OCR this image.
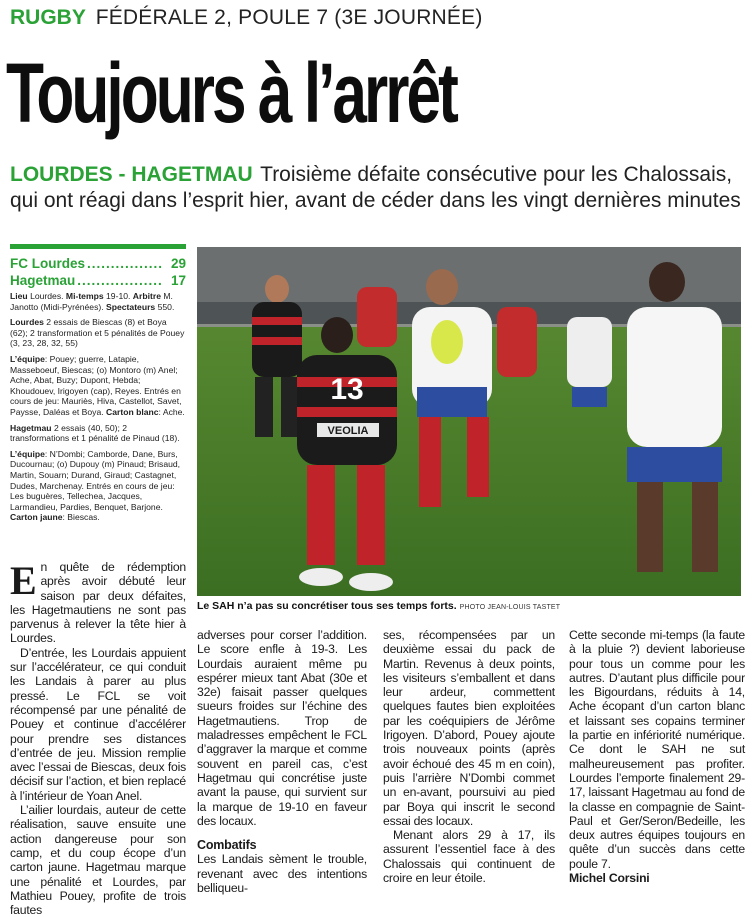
RUGBY FÉDÉRALE 2, POULE 7 (3E JOURNÉE)
Toujours à l’arrêt
LOURDES - HAGETMAU Troisième défaite consécutive pour les Chalossais,
qui ont réagi dans l’esprit hier, avant de céder dans les vingt dernières minutes
FC Lourdes ................ 29
Hagetmau .................. 17

Lieu Lourdes. Mi-temps 19-10. Arbitre M. Janotto (Midi-Pyrénées). Spectateurs 550.

Lourdes 2 essais de Biescas (8) et Boya (62); 2 transformation et 5 pénalités de Pouey (3, 23, 28, 32, 55)

L’équipe: Pouey; guerre, Latapie, Masseboeuf, Biescas; (o) Montoro (m) Anel; Ache, Abat, Buzy; Dupont, Hebda; Khoudouev, Irigoyen (cap), Reyes. Entrés en cours de jeu: Mauriès, Hiva, Castellot, Savet, Paysse, Daléas et Boya. Carton blanc: Ache.

Hagetmau 2 essais (40, 50); 2 transformations et 1 pénalité de Pinaud (18).

L’équipe: N’Dombi; Camborde, Dane, Burs, Ducournau; (o) Dupouy (m) Pinaud; Brisaud, Martin, Souarn; Durand, Giraud; Castagnet, Dudes, Marchenay. Entrés en cours de jeu: Les buguères, Tellechea, Jacques, Larmandieu, Pardies, Benquet, Barjone. Carton jaune: Biescas.

13
VEOLIA
Le SAH n’a pas su concrétiser tous ses temps forts. PHOTO JEAN-LOUIS TASTET

En quête de rédemption après avoir débuté leur saison par deux défaites, les Hagetmautiens ne sont pas parvenus à relever la tête hier à Lourdes.

D’entrée, les Lourdais appuient sur l’accélérateur, ce qui conduit les Landais à parer au plus pressé. Le FCL se voit récompensé par une pénalité de Pouey et continue d’accélérer pour prendre ses distances d’entrée de jeu. Mission remplie avec l’essai de Biescas, deux fois décisif sur l’action, et bien replacé à l’intérieur de Yoan Anel.

L’ailier lourdais, auteur de cette réalisation, sauve ensuite une action dangereuse pour son camp, et du coup écope d’un carton jaune. Hagetmau marque une pénalité et Lourdes, par Mathieu Pouey, profite de trois fautes

adverses pour corser l’addition. Le score enfle à 19-3. Les Lourdais auraient même pu espérer mieux tant Abat (30e et 32e) faisait passer quelques sueurs froides sur l’échine des Hagetmautiens. Trop de maladresses empêchent le FCL d’aggraver la marque et comme souvent en pareil cas, c’est Hagetmau qui concrétise juste avant la pause, qui survient sur la marque de 19-10 en faveur des locaux.

Combatifs

Les Landais sèment le trouble, revenant avec des intentions belliqueu-

ses, récompensées par un deuxième essai du pack de Martin. Revenus à deux points, les visiteurs s’emballent et dans leur ardeur, commettent quelques fautes bien exploitées par les coéquipiers de Jérôme Irigoyen. D’abord, Pouey ajoute trois nouveaux points (après avoir échoué des 45 m en coin), puis l’arrière N’Dombi commet un en-avant, poursuivi au pied par Boya qui inscrit le second essai des locaux.

Menant alors 29 à 17, ils assurent l’essentiel face à des Chalossais qui continuent de croire en leur étoile.

Cette seconde mi-temps (la faute à la pluie ?) devient laborieuse pour tous un comme pour les autres. D’autant plus difficile pour les Bigourdans, réduits à 14, Ache écopant d’un carton blanc et laissant ses copains terminer la partie en infériorité numérique. Ce dont le SAH ne sut malheureusement pas profiter. Lourdes l’emporte finalement 29-17, laissant Hagetmau au fond de la classe en compagnie de Saint-Paul et Ger/Seron/Bedeille, les deux autres équipes toujours en quête d’un succès dans cette poule 7.

Michel Corsini
